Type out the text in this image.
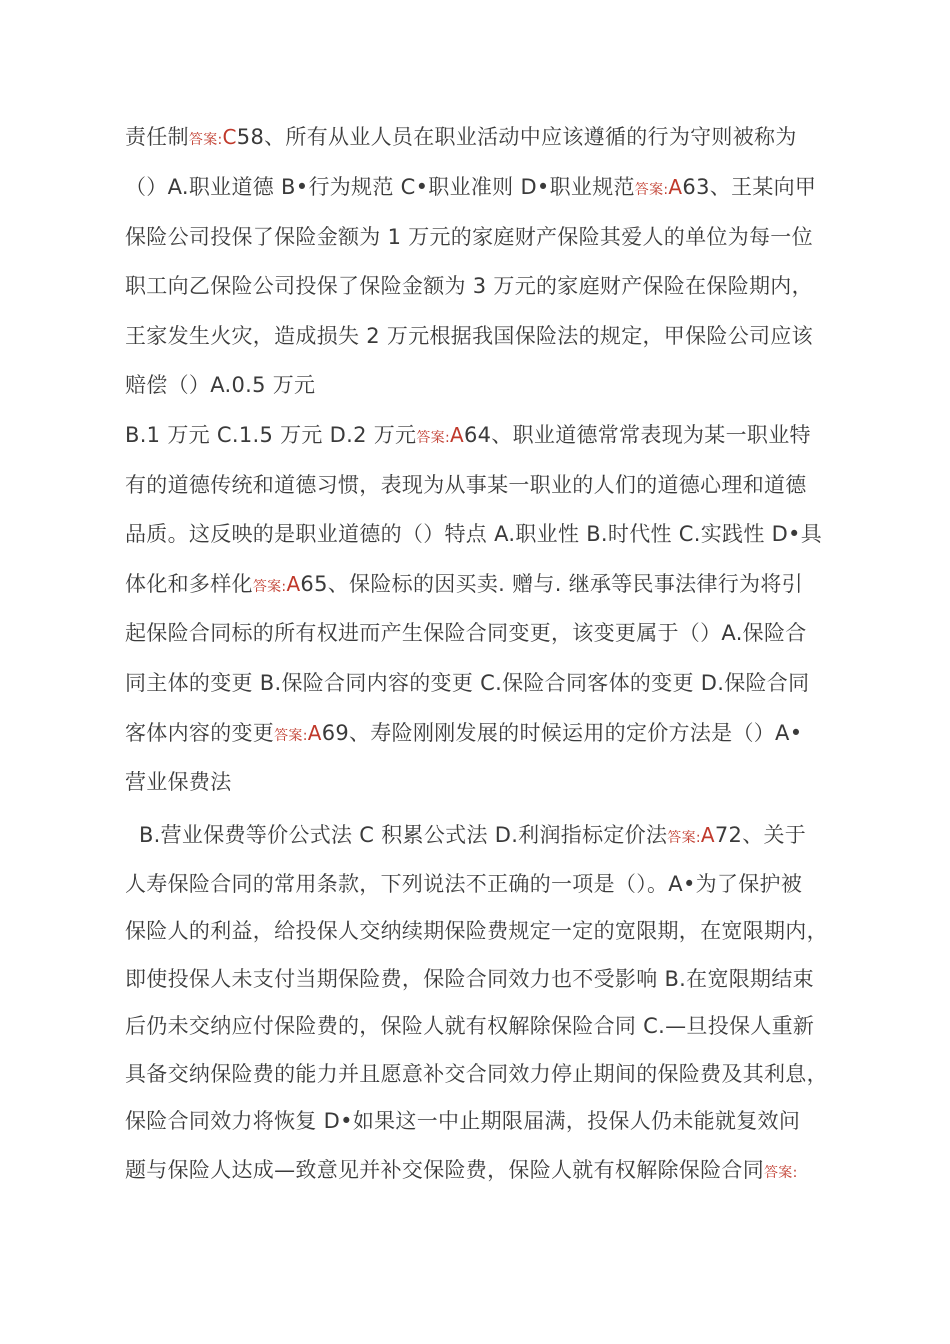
责任制答案:C58、所有从业人员在职业活动中应该遵循的行为守则被称为
（）A.职业道德 B•行为规范 C•职业准则 D•职业规范答案:A63、王某向甲
保险公司投保了保险金额为 1 万元的家庭财产保险其爱人的单位为每一位
职工向乙保险公司投保了保险金额为 3 万元的家庭财产保险在保险期内，
王家发生火灾，造成损失 2 万元根据我国保险法的规定，甲保险公司应该
赔偿（）A.0.5 万元
B.1 万元 C.1.5 万元 D.2 万元答案:A64、职业道德常常表现为某一职业特
有的道德传统和道德习惯，表现为从事某一职业的人们的道德心理和道德
品质。这反映的是职业道德的（）特点 A.职业性 B.时代性 C.实践性 D•具
体化和多样化答案:A65、保险标的因买卖. 赠与. 继承等民事法律行为将引
起保险合同标的所有权进而产生保险合同变更，该变更属于（）A.保险合
同主体的变更 B.保险合同内容的变更 C.保险合同客体的变更 D.保险合同
客体内容的变更答案:A69、寿险刚刚发展的时候运用的定价方法是（）A•
营业保费法
B.营业保费等价公式法 C 积累公式法 D.利润指标定价法答案:A72、关于
人寿保险合同的常用条款，下列说法不正确的一项是（）。A•为了保护被
保险人的利益，给投保人交纳续期保险费规定一定的宽限期，在宽限期内，
即使投保人未支付当期保险费，保险合同效力也不受影响 B.在宽限期结束
后仍未交纳应付保险费的，保险人就有权解除保险合同 C.—旦投保人重新
具备交纳保险费的能力并且愿意补交合同效力停止期间的保险费及其利息，
保险合同效力将恢复 D•如果这一中止期限届满，投保人仍未能就复效问
题与保险人达成—致意见并补交保险费，保险人就有权解除保险合同答案:
